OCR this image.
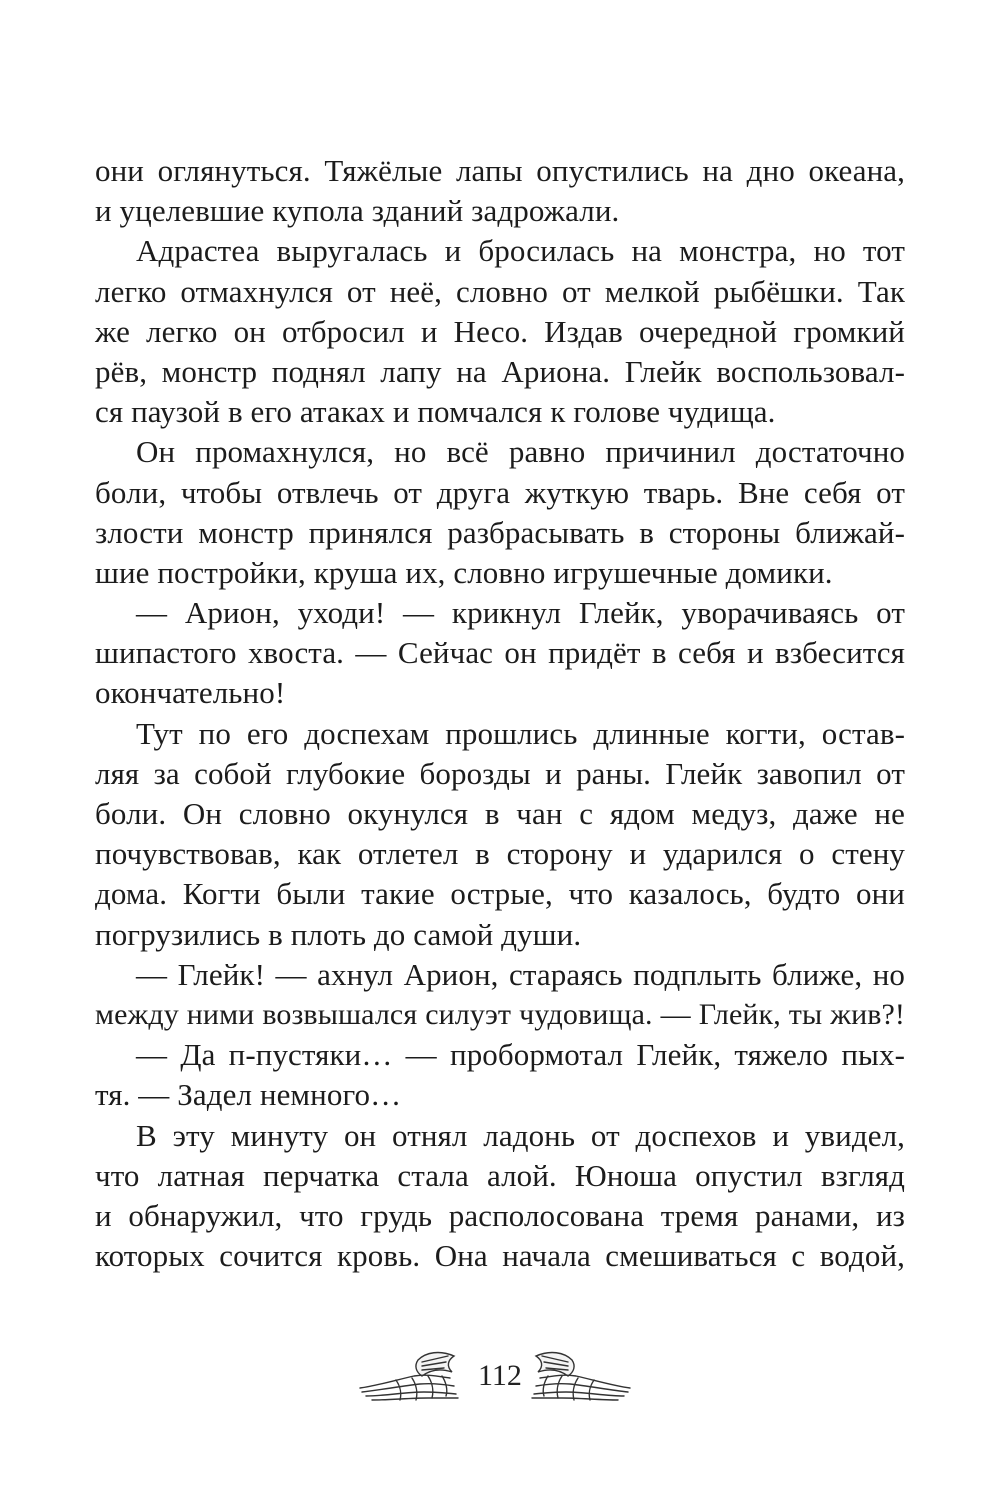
они оглянуться. Тяжёлые лапы опустились на дно океана,
и уцелевшие купола зданий задрожали.
Адрастеа выругалась и бросилась на монстра, но тот
легко отмахнулся от неё, словно от мелкой рыбёшки. Так
же легко он отбросил и Несо. Издав очередной громкий
рёв, монстр поднял лапу на Ариона. Глейк воспользовал-
ся паузой в его атаках и помчался к голове чудища.
Он промахнулся, но всё равно причинил достаточно
боли, чтобы отвлечь от друга жуткую тварь. Вне себя от
злости монстр принялся разбрасывать в стороны ближай-
шие постройки, круша их, словно игрушечные домики.
— Арион, уходи! — крикнул Глейк, уворачиваясь от
шипастого хвоста. — Сейчас он придёт в себя и взбесится
окончательно!
Тут по его доспехам прошлись длинные когти, остав-
ляя за собой глубокие борозды и раны. Глейк завопил от
боли. Он словно окунулся в чан с ядом медуз, даже не
почувствовав, как отлетел в сторону и ударился о стену
дома. Когти были такие острые, что казалось, будто они
погрузились в плоть до самой души.
— Глейк! — ахнул Арион, стараясь подплыть ближе, но
между ними возвышался силуэт чудовища. — Глейк, ты жив?!
— Да п-пустяки… — пробормотал Глейк, тяжело пых-
тя. — Задел немного…
В эту минуту он отнял ладонь от доспехов и увидел,
что латная перчатка стала алой. Юноша опустил взгляд
и обнаружил, что грудь располосована тремя ранами, из
которых сочится кровь. Она начала смешиваться с водой,
112
